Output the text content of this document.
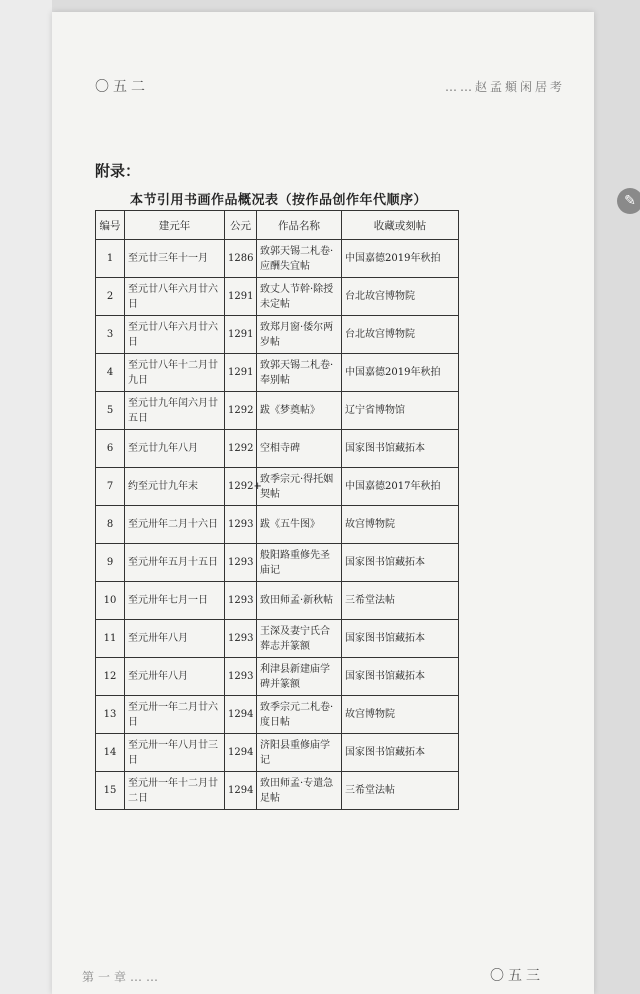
〇五二	……赵孟頫闲居考
附录：
本节引用书画作品概况表（按作品创作年代顺序）
编号	建元年	公元	作品名称	收藏或刻帖
1	至元廿三年十一月	1286	致郭天锡二札卷·应酬失宜帖	中国嘉德2019年秋拍
2	至元廿八年六月廿六日	1291	致丈人节幹·除授未定帖	台北故宫博物院
3	至元廿八年六月廿六日	1291	致郑月窗·倭尔两岁帖	台北故宫博物院
4	至元廿八年十二月廿九日	1291	致郭天锡二札卷·奉别帖	中国嘉德2019年秋拍
5	至元廿九年闰六月廿五日	1292	跋《梦奠帖》	辽宁省博物馆
6	至元廿九年八月	1292	空相寺碑	国家图书馆藏拓本
7	约至元廿九年末	1292+	致季宗元·得托姻契帖	中国嘉德2017年秋拍
8	至元卅年二月十六日	1293	跋《五牛图》	故宫博物院
9	至元卅年五月十五日	1293	般阳路重修先圣庙记	国家图书馆藏拓本
10	至元卅年七月一日	1293	致田师孟·新秋帖	三希堂法帖
11	至元卅年八月	1293	王深及妻宁氏合葬志并篆额	国家图书馆藏拓本
12	至元卅年八月	1293	利津县新建庙学碑并篆额	国家图书馆藏拓本
13	至元卅一年二月廿六日	1294	致季宗元二札卷·度日帖	故宫博物院
14	至元卅一年八月廿三日	1294	济阳县重修庙学记	国家图书馆藏拓本
15	至元卅一年十二月廿二日	1294	致田师孟·专遣急足帖	三希堂法帖
第一章……	〇五三
✎
